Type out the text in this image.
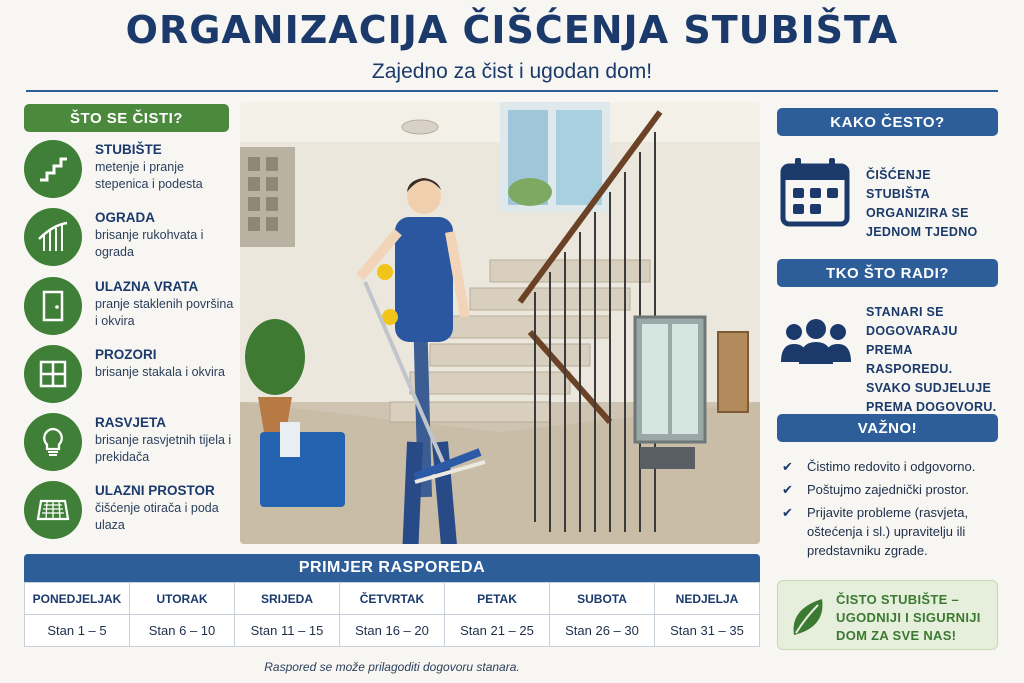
ORGANIZACIJA ČIŠĆENJA STUBIŠTA
Zajedno za čist i ugodan dom!
ŠTO SE ČISTI?
STUBIŠTE
metenje i pranje stepenica i podesta
OGRADA
brisanje rukohvata i ograda
ULAZNA VRATA
pranje staklenih površina i okvira
PROZORI
brisanje stakala i okvira
RASVJETA
brisanje rasvjetnih tijela i prekidača
ULAZNI PROSTOR
čišćenje otirača i poda ulaza
KAKO ČESTO?
ČIŠĆENJE STUBIŠTA ORGANIZIRA SE JEDNOM TJEDNO
TKO ŠTO RADI?
STANARI SE DOGOVARAJU PREMA RASPOREDU. SVAKO SUDJELUJE PREMA DOGOVORU.
VAŽNO!
✔ Čistimo redovito i odgovorno.
✔ Poštujmo zajednički prostor.
✔ Prijavite probleme (rasvjeta, oštećenja i sl.) upravitelju ili predstavniku zgrade.
ČISTO STUBIŠTE – UGODNIJI I SIGURNIJI DOM ZA SVE NAS!
PRIMJER RASPOREDA
PONEDJELJAK	UTORAK	SRIJEDA	ČETVRTAK	PETAK	SUBOTA	NEDJELJA
Stan 1 – 5	Stan 6 – 10	Stan 11 – 15	Stan 16 – 20	Stan 21 – 25	Stan 26 – 30	Stan 31 – 35
Raspored se može prilagoditi dogovoru stanara.
